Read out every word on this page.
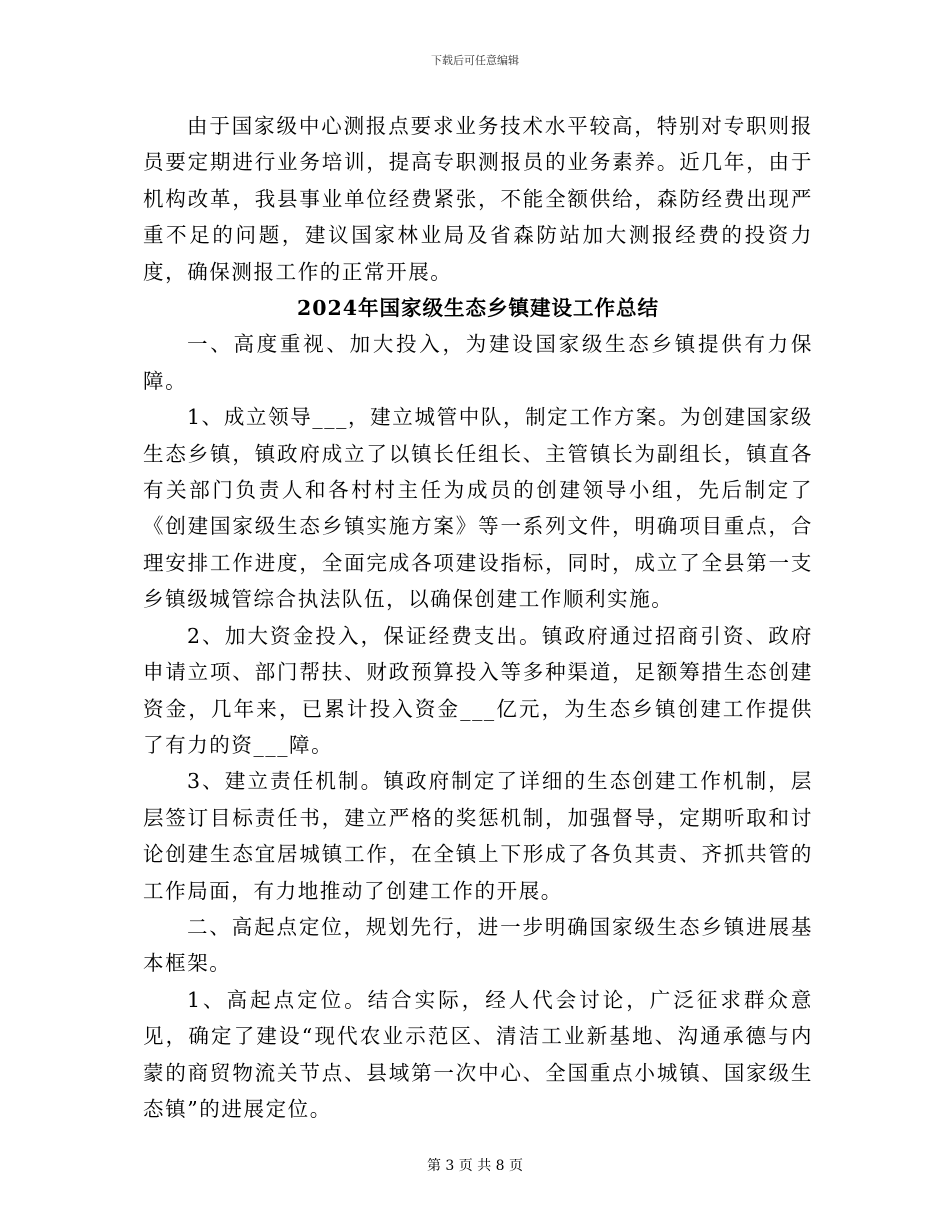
下载后可任意编辑

由于国家级中心测报点要求业务技术水平较高，特别对专职则报员要定期进行业务培训，提高专职测报员的业务素养。近几年，由于机构改革，我县事业单位经费紧张，不能全额供给，森防经费出现严重不足的问题，建议国家林业局及省森防站加大测报经费的投资力度，确保测报工作的正常开展。

2024年国家级生态乡镇建设工作总结

一、高度重视、加大投入，为建设国家级生态乡镇提供有力保障。

1、成立领导___，建立城管中队，制定工作方案。为创建国家级生态乡镇，镇政府成立了以镇长任组长、主管镇长为副组长，镇直各有关部门负责人和各村村主任为成员的创建领导小组，先后制定了《创建国家级生态乡镇实施方案》等一系列文件，明确项目重点，合理安排工作进度，全面完成各项建设指标，同时，成立了全县第一支乡镇级城管综合执法队伍，以确保创建工作顺利实施。

2、加大资金投入，保证经费支出。镇政府通过招商引资、政府申请立项、部门帮扶、财政预算投入等多种渠道，足额筹措生态创建资金，几年来，已累计投入资金___亿元，为生态乡镇创建工作提供了有力的资___障。

3、建立责任机制。镇政府制定了详细的生态创建工作机制，层层签订目标责任书，建立严格的奖惩机制，加强督导，定期听取和讨论创建生态宜居城镇工作，在全镇上下形成了各负其责、齐抓共管的工作局面，有力地推动了创建工作的开展。

二、高起点定位，规划先行，进一步明确国家级生态乡镇进展基本框架。

1、高起点定位。结合实际，经人代会讨论，广泛征求群众意见，确定了建设“现代农业示范区、清洁工业新基地、沟通承德与内蒙的商贸物流关节点、县域第一次中心、全国重点小城镇、国家级生态镇”的进展定位。

第 3 页 共 8 页
